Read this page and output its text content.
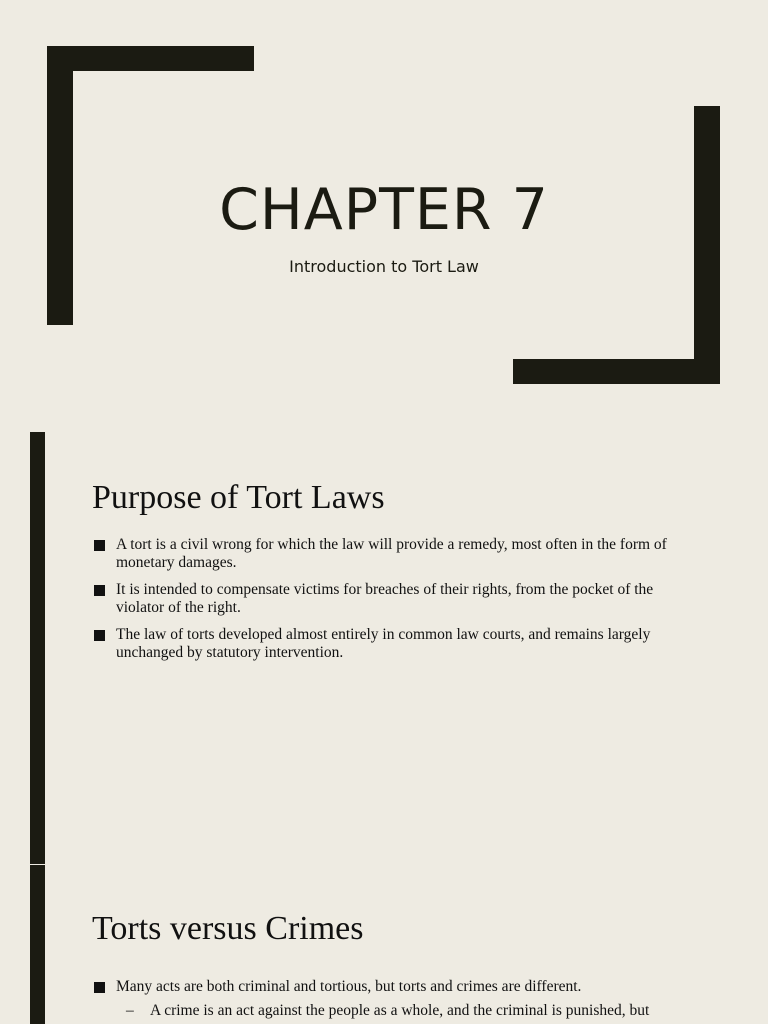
CHAPTER 7
Introduction to Tort Law
Purpose of Tort Laws
A tort is a civil wrong for which the law will provide a remedy, most often in the form of monetary damages.
It is intended to compensate victims for breaches of their rights, from the pocket of the violator of the right.
The law of torts developed almost entirely in common law courts, and remains largely unchanged by statutory intervention.
Torts versus Crimes
Many acts are both criminal and tortious, but torts and crimes are different.
– A crime is an act against the people as a whole, and the criminal is punished, but
